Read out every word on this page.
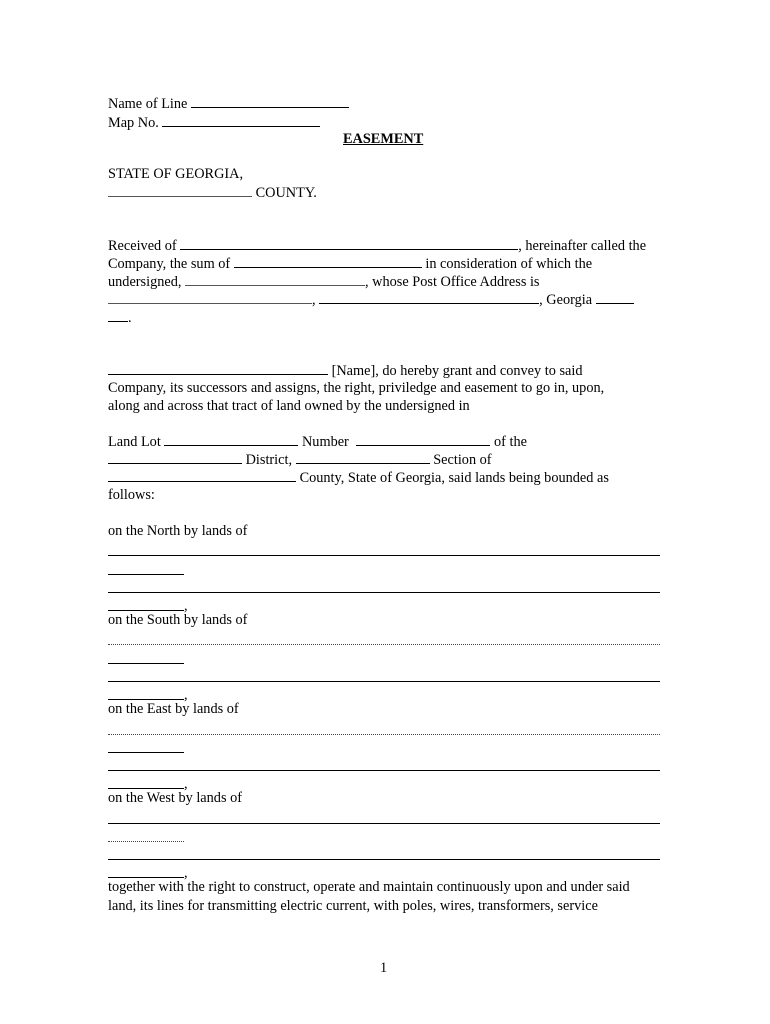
Name of Line
Map No.
EASEMENT
STATE OF GEORGIA,
COUNTY.
Received of	, hereinafter called the
Company, the sum of	in consideration of which the
undersigned,	, whose Post Office Address is
,	, Georgia
.
[Name], do hereby grant and convey to said
Company, its successors and assigns, the right, priviledge and easement to go in, upon,
along and across that tract of land owned by the undersigned in
Land Lot	Number	of the
District,	Section of
County, State of Georgia, said lands being bounded as
follows:
on the North by lands of
,
on the South by lands of
,
on the East by lands of
,
on the West by lands of
,
together with the right to construct, operate and maintain continuously upon and under said
land, its lines for transmitting electric current, with poles, wires, transformers, service
1
